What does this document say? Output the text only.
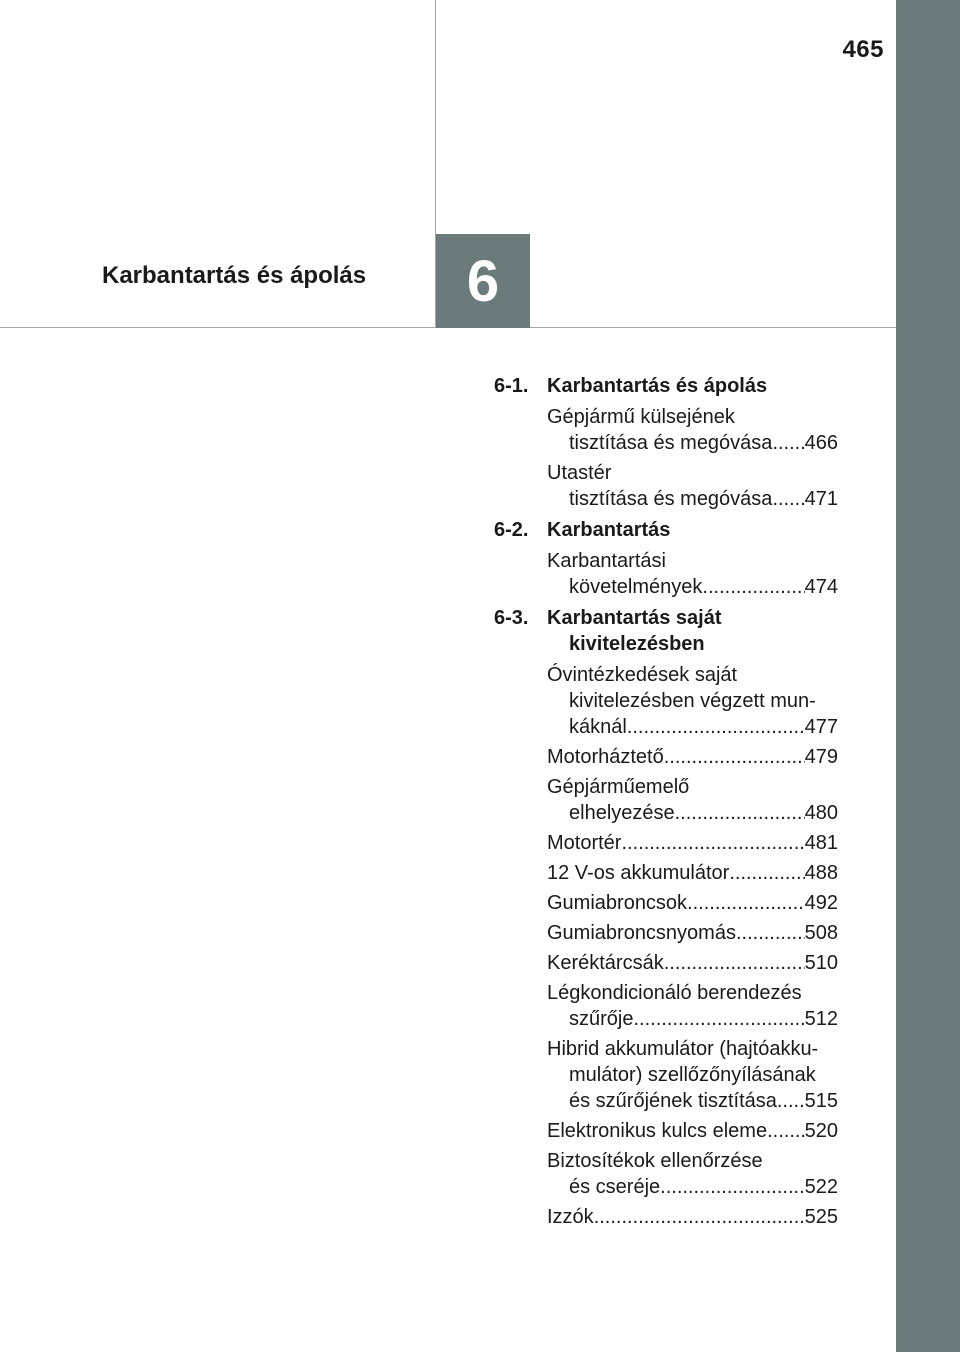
465
Karbantartás és ápolás 6
6-1. Karbantartás és ápolás
Gépjármű külsejének
tisztítása és megóvása ..... 466
Utastér
tisztítása és megóvása ..... 471
6-2. Karbantartás
Karbantartási
követelmények .....	474
6-3. Karbantartás saját
kivitelezésben
Óvintézkedések saját
kivitelezésben végzett mun-
káknál .....	477
Motorháztető .....	479
Gépjárműemelő
elhelyezése .....	480
Motortér .....	481
12 V-os akkumulátor .....	488
Gumiabroncsok .....	492
Gumiabroncsnyomás .....	508
Keréktárcsák .....	510
Légkondicionáló berendezés
szűrője .....	512
Hibrid akkumulátor (hajtóakku-
mulátor) szellőzőnyílásának
és szűrőjének tisztítása ..... 515
Elektronikus kulcs eleme ..... 520
Biztosítékok ellenőrzése
és cseréje .....	522
Izzók .....	525
